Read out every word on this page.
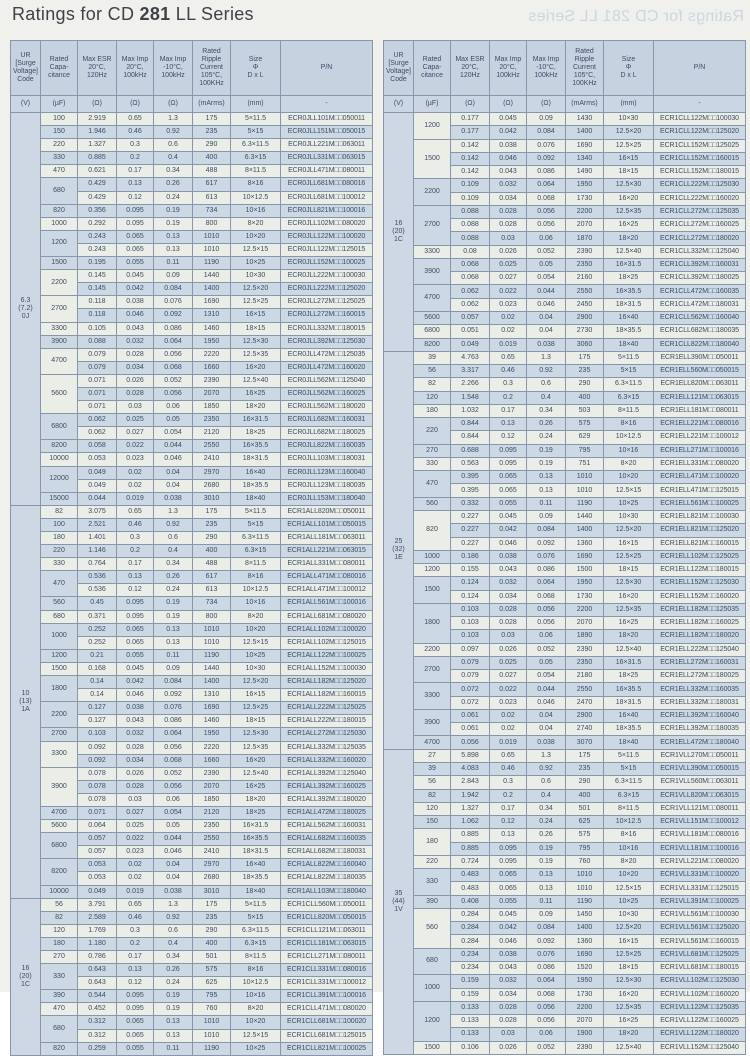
Ratings for CD 281 LL Series	Ratings for CD 281 LL Series
UR
[Surge
Voltage]
Code

Rated
Capa-
citance

Max ESR
20°C,
120Hz

Max Imp
20°C,
100kHz

Max Imp
-10°C,
100kHz

Rated
Ripple
Current
105°C,
100KHz

Size
Φ
D x L

P/N

(V)	(µF)	(Ω)	(Ω)	(Ω)	(mArms)	(mm)	-

6.3
(7.2)
0J	100	2.919	0.65	1.3	175	5×11.5	ECR0JLL101M□□050011
	150	1.946	0.46	0.92	235	5×15	ECR0JLL151M□□050015
	220	1.327	0.3	0.6	290	6.3×11.5	ECR0JLL221M□□063011
	330	0.885	0.2	0.4	400	6.3×15	ECR0JLL331M□□063015
	470	0.621	0.17	0.34	488	8×11.5	ECR0JLL471M□□080011
	680	0.429	0.13	0.26	617	8×16	ECR0JLL681M□□080016
		0.429	0.12	0.24	613	10×12.5	ECR0JLL681M□□100012
	820	0.356	0.095	0.19	734	10×16	ECR0JLL821M□□100016
	1000	0.292	0.095	0.19	800	8×20	ECR0JLL102M□□080020
	1200	0.243	0.065	0.13	1010	10×20	ECR0JLL122M□□100020
		0.243	0.065	0.13	1010	12.5×15	ECR0JLL122M□□125015
	1500	0.195	0.055	0.11	1190	10×25	ECR0JLL152M□□100025
	2200	0.145	0.045	0.09	1440	10×30	ECR0JLL222M□□100030
		0.145	0.042	0.084	1400	12.5×20	ECR0JLL222M□□125020
	2700	0.118	0.038	0.076	1690	12.5×25	ECR0JLL272M□□125025
		0.118	0.046	0.092	1310	16×15	ECR0JLL272M□□160015
	3300	0.105	0.043	0.086	1460	18×15	ECR0JLL332M□□180015
	3900	0.088	0.032	0.064	1950	12.5×30	ECR0JLL392M□□125030
	4700	0.079	0.028	0.056	2220	12.5×35	ECR0JLL472M□□125035
		0.079	0.034	0.068	1660	16×20	ECR0JLL472M□□160020
	5600	0.071	0.026	0.052	2390	12.5×40	ECR0JLL562M□□125040
		0.071	0.028	0.056	2070	16×25	ECR0JLL562M□□160025
		0.071	0.03	0.06	1850	18×20	ECR0JLL562M□□180020
	6800	0.062	0.025	0.05	2350	16×31.5	ECR0JLL682M□□160031
		0.062	0.027	0.054	2120	18×25	ECR0JLL682M□□180025
	8200	0.058	0.022	0.044	2550	16×35.5	ECR0JLL822M□□160035
	10000	0.053	0.023	0.046	2410	18×31.5	ECR0JLL103M□□180031
	12000	0.049	0.02	0.04	2970	16×40	ECR0JLL123M□□160040
		0.049	0.02	0.04	2680	18×35.5	ECR0JLL123M□□180035
	15000	0.044	0.019	0.038	3010	18×40	ECR0JLL153M□□180040

10
(13)
1A	82	3.075	0.65	1.3	175	5×11.5	ECR1ALL820M□□050011
	100	2.521	0.46	0.92	235	5×15	ECR1ALL101M□□050015
	180	1.401	0.3	0.6	290	6.3×11.5	ECR1ALL181M□□063011
	220	1.146	0.2	0.4	400	6.3×15	ECR1ALL221M□□063015
	330	0.764	0.17	0.34	488	8×11.5	ECR1ALL331M□□080011
	470	0.536	0.13	0.26	617	8×16	ECR1ALL471M□□080016
		0.536	0.12	0.24	613	10×12.5	ECR1ALL471M□□100012
	560	0.45	0.095	0.19	734	10×16	ECR1ALL561M□□100016
	680	0.371	0.095	0.19	800	8×20	ECR1ALL681M□□080020
	1000	0.252	0.065	0.13	1010	10×20	ECR1ALL102M□□100020
		0.252	0.065	0.13	1010	12.5×15	ECR1ALL102M□□125015
	1200	0.21	0.055	0.11	1190	10×25	ECR1ALL122M□□100025
	1500	0.168	0.045	0.09	1440	10×30	ECR1ALL152M□□100030
	1800	0.14	0.042	0.084	1400	12.5×20	ECR1ALL182M□□125020
		0.14	0.046	0.092	1310	16×15	ECR1ALL182M□□160015
	2200	0.127	0.038	0.076	1690	12.5×25	ECR1ALL222M□□125025
		0.127	0.043	0.086	1460	18×15	ECR1ALL222M□□180015
	2700	0.103	0.032	0.064	1950	12.5×30	ECR1ALL272M□□125030
	3300	0.092	0.028	0.056	2220	12.5×35	ECR1ALL332M□□125035
		0.092	0.034	0.068	1660	16×20	ECR1ALL332M□□160020
	3900	0.078	0.026	0.052	2390	12.5×40	ECR1ALL392M□□125040
		0.078	0.028	0.056	2070	16×25	ECR1ALL392M□□160025
		0.078	0.03	0.06	1850	18×20	ECR1ALL392M□□180020
	4700	0.071	0.027	0.054	2120	18×25	ECR1ALL472M□□180025
	5600	0.064	0.025	0.05	2350	16×31.5	ECR1ALL562M□□160031
	6800	0.057	0.022	0.044	2550	16×35.5	ECR1ALL682M□□160035
		0.057	0.023	0.046	2410	18×31.5	ECR1ALL682M□□180031
	8200	0.053	0.02	0.04	2970	16×40	ECR1ALL822M□□160040
		0.053	0.02	0.04	2680	18×35.5	ECR1ALL822M□□180035
	10000	0.049	0.019	0.038	3010	18×40	ECR1ALL103M□□180040

16
(20)
1C	56	3.791	0.65	1.3	175	5×11.5	ECR1CLL560M□□050011
	82	2.589	0.46	0.92	235	5×15	ECR1CLL820M□□050015
	120	1.769	0.3	0.6	290	6.3×11.5	ECR1CLL121M□□063011
	180	1.180	0.2	0.4	400	6.3×15	ECR1CLL181M□□063015
	270	0.786	0.17	0.34	501	8×11.5	ECR1CLL271M□□080011
	330	0.643	0.13	0.26	575	8×16	ECR1CLL331M□□080016
		0.643	0.12	0.24	625	10×12.5	ECR1CLL331M□□100012
	390	0.544	0.095	0.19	795	10×16	ECR1CLL391M□□100016
	470	0.452	0.095	0.19	760	8×20	ECR1CLL471M□□080020
	680	0.312	0.065	0.13	1010	10×20	ECR1CLL681M□□100020
		0.312	0.065	0.13	1010	12.5×15	ECR1CLL681M□□125015
	820	0.259	0.055	0.11	1190	10×25	ECR1CLL821M□□100025
UR
[Surge
Voltage]
Code

Rated
Capa-
citance

Max ESR
20°C,
120Hz

Max Imp
20°C,
100kHz

Max Imp
-10°C,
100kHz

Rated
Ripple
Current
105°C,
100KHz

Size
Φ
D x L

P/N

(V)	(µF)	(Ω)	(Ω)	(Ω)	(mArms)	(mm)	-

16
(20)
1C	1200	0.177	0.045	0.09	1430	10×30	ECR1CLL122M□□100030
		0.177	0.042	0.084	1400	12.5×20	ECR1CLL122M□□125020
	1500	0.142	0.038	0.076	1690	12.5×25	ECR1CLL152M□□125025
		0.142	0.046	0.092	1340	16×15	ECR1CLL152M□□160015
		0.142	0.043	0.086	1490	18×15	ECR1CLL152M□□180015
	2200	0.109	0.032	0.064	1950	12.5×30	ECR1CLL222M□□125030
		0.109	0.034	0.068	1730	16×20	ECR1CLL222M□□160020
	2700	0.088	0.028	0.056	2200	12.5×35	ECR1CLL272M□□125035
		0.088	0.028	0.056	2070	16×25	ECR1CLL272M□□160025
		0.088	0.03	0.06	1870	18×20	ECR1CLL272M□□180020
	3300	0.08	0.026	0.052	2390	12.5×40	ECR1CLL332M□□125040
	3900	0.068	0.025	0.05	2350	16×31.5	ECR1CLL392M□□160031
		0.068	0.027	0.054	2160	18×25	ECR1CLL392M□□180025
	4700	0.062	0.022	0.044	2550	16×35.5	ECR1CLL472M□□160035
		0.062	0.023	0.046	2450	18×31.5	ECR1CLL472M□□180031
	5600	0.057	0.02	0.04	2900	16×40	ECR1CLL562M□□160040
	6800	0.051	0.02	0.04	2730	18×35.5	ECR1CLL682M□□180035
	8200	0.049	0.019	0.038	3060	18×40	ECR1CLL822M□□180040

25
(32)
1E	39	4.763	0.65	1.3	175	5×11.5	ECR1ELL390M□□050011
	56	3.317	0.46	0.92	235	5×15	ECR1ELL560M□□050015
	82	2.266	0.3	0.6	290	6.3×11.5	ECR1ELL820M□□063011
	120	1.548	0.2	0.4	400	6.3×15	ECR1ELL121M□□063015
	180	1.032	0.17	0.34	503	8×11.5	ECR1ELL181M□□080011
	220	0.844	0.13	0.26	575	8×16	ECR1ELL221M□□080016
		0.844	0.12	0.24	629	10×12.5	ECR1ELL221M□□100012
	270	0.688	0.095	0.19	795	10×16	ECR1ELL271M□□100016
	330	0.563	0.095	0.19	751	8×20	ECR1ELL331M□□080020
	470	0.395	0.065	0.13	1010	10×20	ECR1ELL471M□□100020
		0.395	0.065	0.13	1010	12.5×15	ECR1ELL471M□□125015
	560	0.332	0.055	0.11	1190	10×25	ECR1ELL561M□□100025
	820	0.227	0.045	0.09	1440	10×30	ECR1ELL821M□□100030
		0.227	0.042	0.084	1400	12.5×20	ECR1ELL821M□□125020
		0.227	0.046	0.092	1360	16×15	ECR1ELL821M□□160015
	1000	0.186	0.038	0.076	1690	12.5×25	ECR1ELL102M□□125025
	1200	0.155	0.043	0.086	1500	18×15	ECR1ELL122M□□180015
	1500	0.124	0.032	0.064	1950	12.5×30	ECR1ELL152M□□125030
		0.124	0.034	0.068	1730	16×20	ECR1ELL152M□□160020
	1800	0.103	0.028	0.056	2200	12.5×35	ECR1ELL182M□□125035
		0.103	0.028	0.056	2070	16×25	ECR1ELL182M□□160025
		0.103	0.03	0.06	1890	18×20	ECR1ELL182M□□180020
	2200	0.097	0.026	0.052	2390	12.5×40	ECR1ELL222M□□125040
	2700	0.079	0.025	0.05	2350	16×31.5	ECR1ELL272M□□160031
		0.079	0.027	0.054	2180	18×25	ECR1ELL272M□□180025
	3300	0.072	0.022	0.044	2550	16×35.5	ECR1ELL332M□□160035
		0.072	0.023	0.046	2470	18×31.5	ECR1ELL332M□□180031
	3900	0.061	0.02	0.04	2900	16×40	ECR1ELL392M□□160040
		0.061	0.02	0.04	2740	18×35.5	ECR1ELL392M□□180035
	4700	0.056	0.019	0.038	3070	18×40	ECR1ELL472M□□180040

35
(44)
1V	27	5.898	0.65	1.3	175	5×11.5	ECR1VLL270M□□050011
	39	4.083	0.46	0.92	235	5×15	ECR1VLL390M□□050015
	56	2.843	0.3	0.6	290	6.3×11.5	ECR1VLL560M□□063011
	82	1.942	0.2	0.4	400	6.3×15	ECR1VLL820M□□063015
	120	1.327	0.17	0.34	501	8×11.5	ECR1VLL121M□□080011
	150	1.062	0.12	0.24	625	10×12.5	ECR1VLL151M□□100012
	180	0.885	0.13	0.26	575	8×16	ECR1VLL181M□□080016
		0.885	0.095	0.19	795	10×16	ECR1VLL181M□□100016
	220	0.724	0.095	0.19	760	8×20	ECR1VLL221M□□080020
	330	0.483	0.065	0.13	1010	10×20	ECR1VLL331M□□100020
		0.483	0.065	0.13	1010	12.5×15	ECR1VLL331M□□125015
	390	0.408	0.055	0.11	1190	10×25	ECR1VLL391M□□100025
	560	0.284	0.045	0.09	1450	10×30	ECR1VLL561M□□100030
		0.284	0.042	0.084	1400	12.5×20	ECR1VLL561M□□125020
		0.284	0.046	0.092	1360	16×15	ECR1VLL561M□□160015
	680	0.234	0.038	0.076	1690	12.5×25	ECR1VLL681M□□125025
		0.234	0.043	0.086	1520	18×15	ECR1VLL681M□□180015
	1000	0.159	0.032	0.064	1950	12.5×30	ECR1VLL102M□□125030
		0.159	0.034	0.068	1730	16×20	ECR1VLL102M□□160020
	1200	0.133	0.028	0.056	2200	12.5×35	ECR1VLL122M□□125035
		0.133	0.028	0.056	2070	16×25	ECR1VLL122M□□160025
		0.133	0.03	0.06	1900	18×20	ECR1VLL122M□□180020
	1500	0.106	0.026	0.052	2390	12.5×40	ECR1VLL152M□□125040
